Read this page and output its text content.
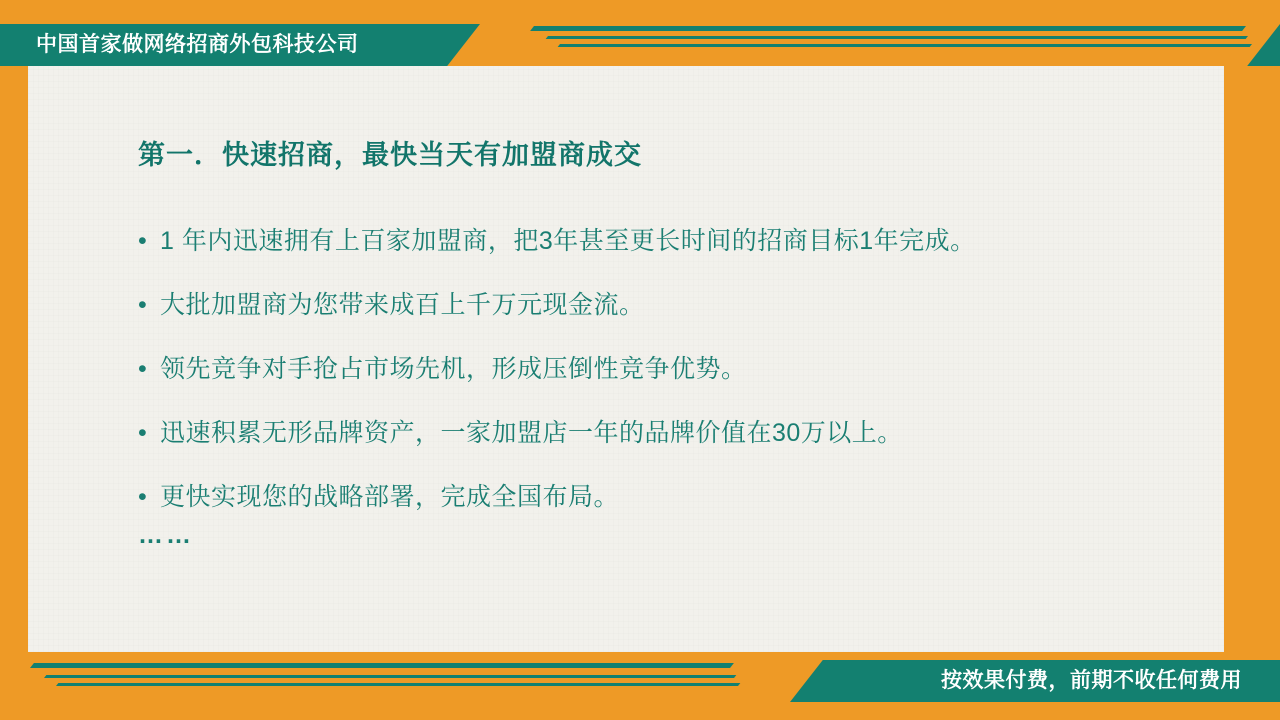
第一．快速招商，最快当天有加盟商成交
• 1 年内迅速拥有上百家加盟商，把3年甚至更长时间的招商目标1年完成。
• 大批加盟商为您带来成百上千万元现金流。
• 领先竞争对手抢占市场先机，形成压倒性竞争优势。
• 迅速积累无形品牌资产，一家加盟店一年的品牌价值在30万以上。
• 更快实现您的战略部署，完成全国布局。
……
中国首家做网络招商外包科技公司
按效果付费，前期不收任何费用
